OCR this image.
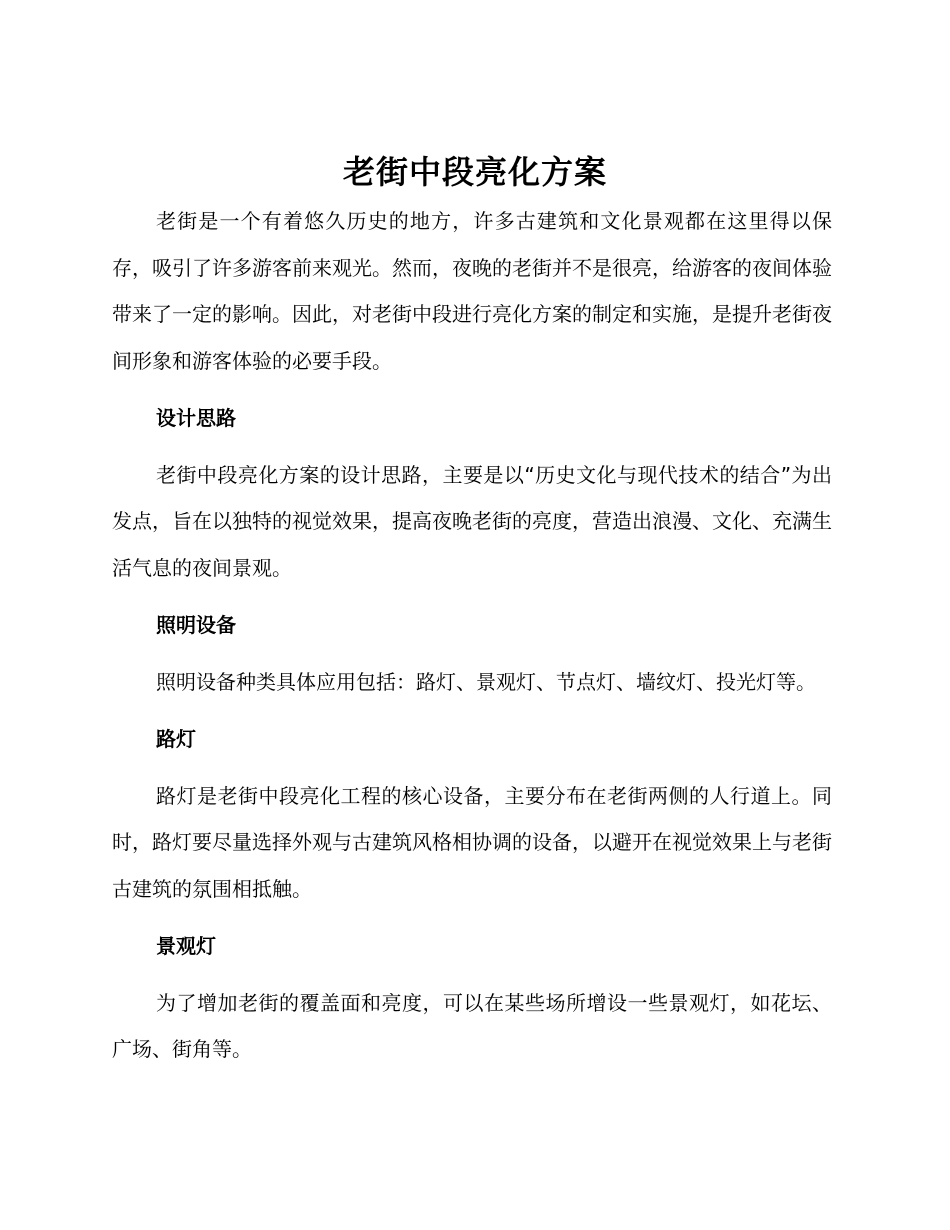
老街中段亮化方案

老街是一个有着悠久历史的地方，许多古建筑和文化景观都在这里得以保存，吸引了许多游客前来观光。然而，夜晚的老街并不是很亮，给游客的夜间体验带来了一定的影响。因此，对老街中段进行亮化方案的制定和实施，是提升老街夜间形象和游客体验的必要手段。

设计思路

老街中段亮化方案的设计思路，主要是以“历史文化与现代技术的结合”为出发点，旨在以独特的视觉效果，提高夜晚老街的亮度，营造出浪漫、文化、充满生活气息的夜间景观。

照明设备

照明设备种类具体应用包括：路灯、景观灯、节点灯、墙纹灯、投光灯等。

路灯

路灯是老街中段亮化工程的核心设备，主要分布在老街两侧的人行道上。同时，路灯要尽量选择外观与古建筑风格相协调的设备，以避开在视觉效果上与老街古建筑的氛围相抵触。

景观灯

为了增加老街的覆盖面和亮度，可以在某些场所增设一些景观灯，如花坛、广场、街角等。
